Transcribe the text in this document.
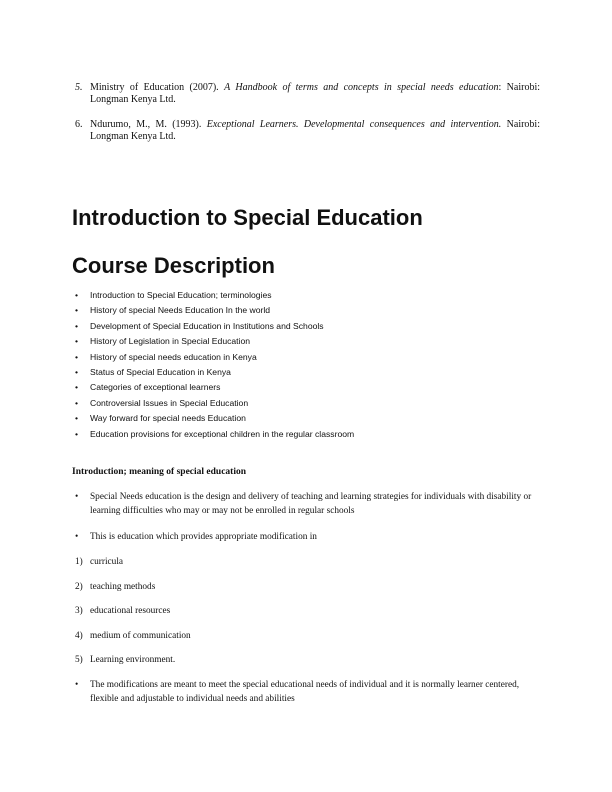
5. Ministry of Education (2007). A Handbook of terms and concepts in special needs education: Nairobi: Longman Kenya Ltd.
6. Ndurumo, M., M. (1993). Exceptional Learners. Developmental consequences and intervention. Nairobi: Longman Kenya Ltd.
Introduction to Special Education
Course Description
• Introduction to Special Education; terminologies
• History of special Needs Education In the world
• Development of Special Education in Institutions and Schools
• History of Legislation in Special Education
• History of special needs education in Kenya
• Status of Special Education in Kenya
• Categories of exceptional learners
• Controversial Issues in Special Education
• Way forward for special needs Education
• Education provisions for exceptional children in the regular classroom
Introduction; meaning of special education
• Special Needs education is the design and delivery of teaching and learning strategies for individuals with disability or learning difficulties who may or may not be enrolled in regular schools
• This is education which provides appropriate modification in
1) curricula
2) teaching methods
3) educational resources
4) medium of communication
5) Learning environment.
• The modifications are meant to meet the special educational needs of individual and it is normally learner centered, flexible and adjustable to individual needs and abilities
